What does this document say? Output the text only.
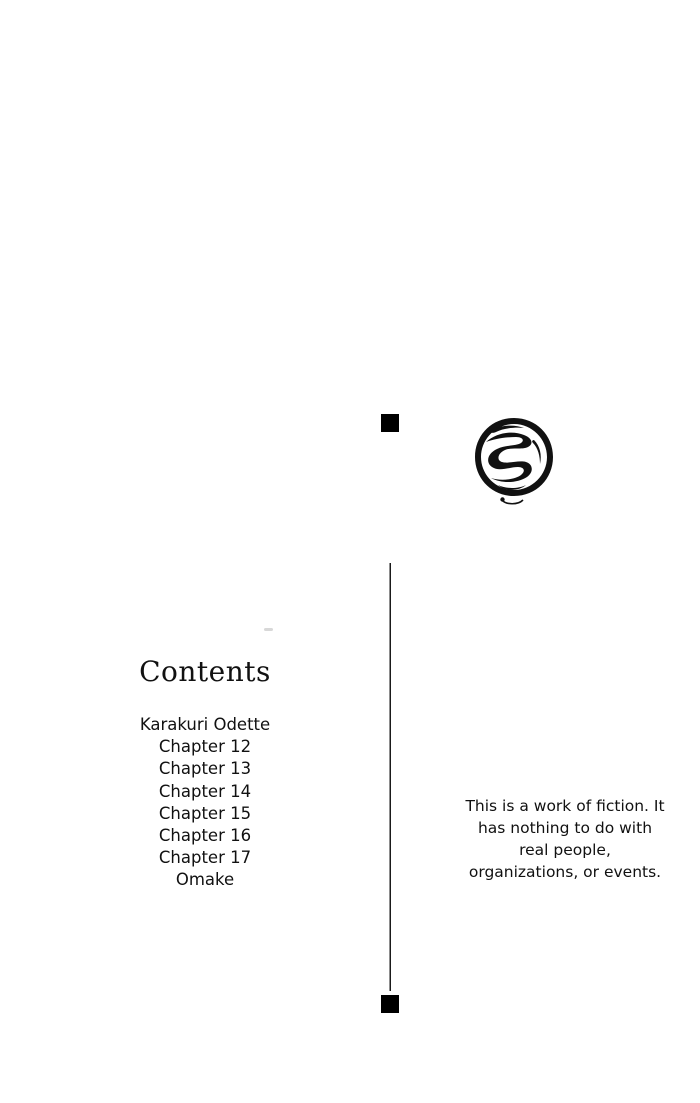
Contents
Karakuri Odette
Chapter 12
Chapter 13
Chapter 14
Chapter 15
Chapter 16
Chapter 17
Omake
This is a work of fiction. It has nothing to do with real people, organizations, or events.
